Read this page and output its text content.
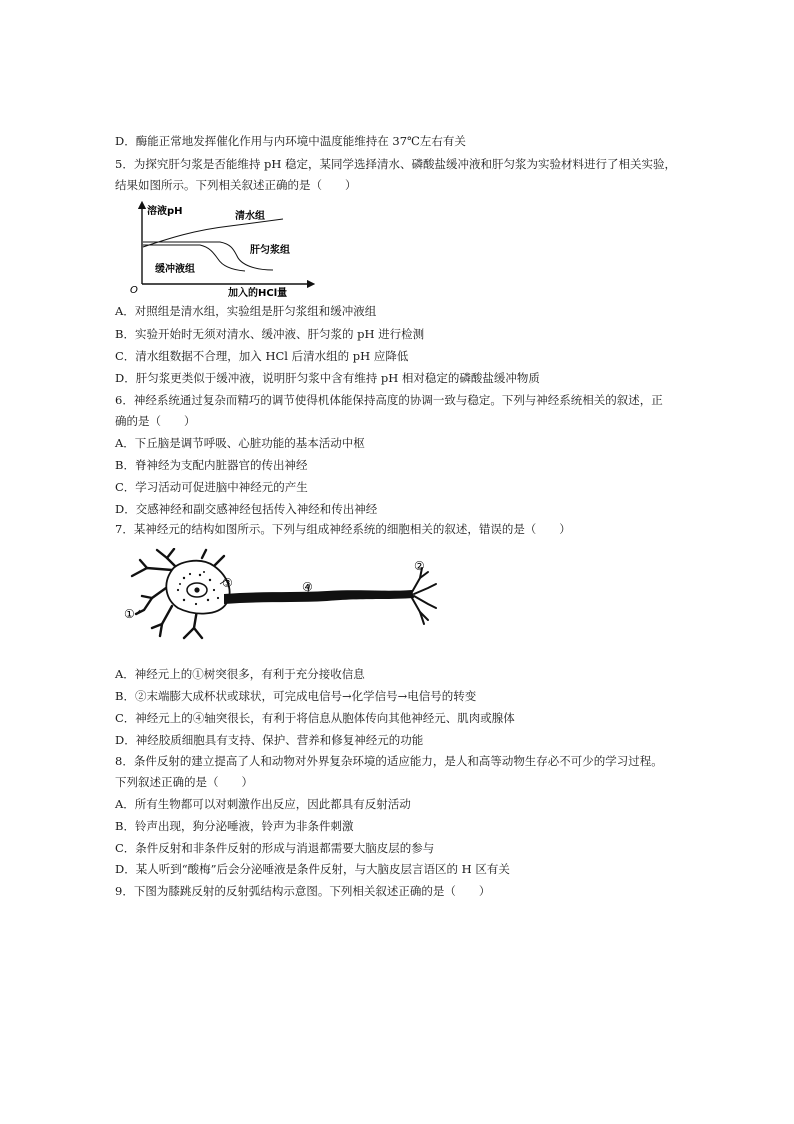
D．酶能正常地发挥催化作用与内环境中温度能维持在 37℃左右有关
5．为探究肝匀浆是否能维持 pH 稳定，某同学选择清水、磷酸盐缓冲液和肝匀浆为实验材料进行了相关实验，
结果如图所示。下列相关叙述正确的是（　　）
溶液pH
O	加入的HCl量
清水组
肝匀浆组
缓冲液组
A．对照组是清水组，实验组是肝匀浆组和缓冲液组
B．实验开始时无须对清水、缓冲液、肝匀浆的 pH 进行检测
C．清水组数据不合理，加入 HCl 后清水组的 pH 应降低
D．肝匀浆更类似于缓冲液，说明肝匀浆中含有维持 pH 相对稳定的磷酸盐缓冲物质
6．神经系统通过复杂而精巧的调节使得机体能保持高度的协调一致与稳定。下列与神经系统相关的叙述，正
确的是（　　）
A．下丘脑是调节呼吸、心脏功能的基本活动中枢
B．脊神经为支配内脏器官的传出神经
C．学习活动可促进脑中神经元的产生
D．交感神经和副交感神经包括传入神经和传出神经
7．某神经元的结构如图所示。下列与组成神经系统的细胞相关的叙述，错误的是（　　）
①
②
③	④
A．神经元上的①树突很多，有利于充分接收信息
B．②末端膨大成杯状或球状，可完成电信号→化学信号→电信号的转变
C．神经元上的④轴突很长，有利于将信息从胞体传向其他神经元、肌肉或腺体
D．神经胶质细胞具有支持、保护、营养和修复神经元的功能
8．条件反射的建立提高了人和动物对外界复杂环境的适应能力，是人和高等动物生存必不可少的学习过程。
下列叙述正确的是（　　）
A．所有生物都可以对刺激作出反应，因此都具有反射活动
B．铃声出现，狗分泌唾液，铃声为非条件刺激
C．条件反射和非条件反射的形成与消退都需要大脑皮层的参与
D．某人听到“酸梅”后会分泌唾液是条件反射，与大脑皮层言语区的 H 区有关
9．下图为膝跳反射的反射弧结构示意图。下列相关叙述正确的是（　　）
